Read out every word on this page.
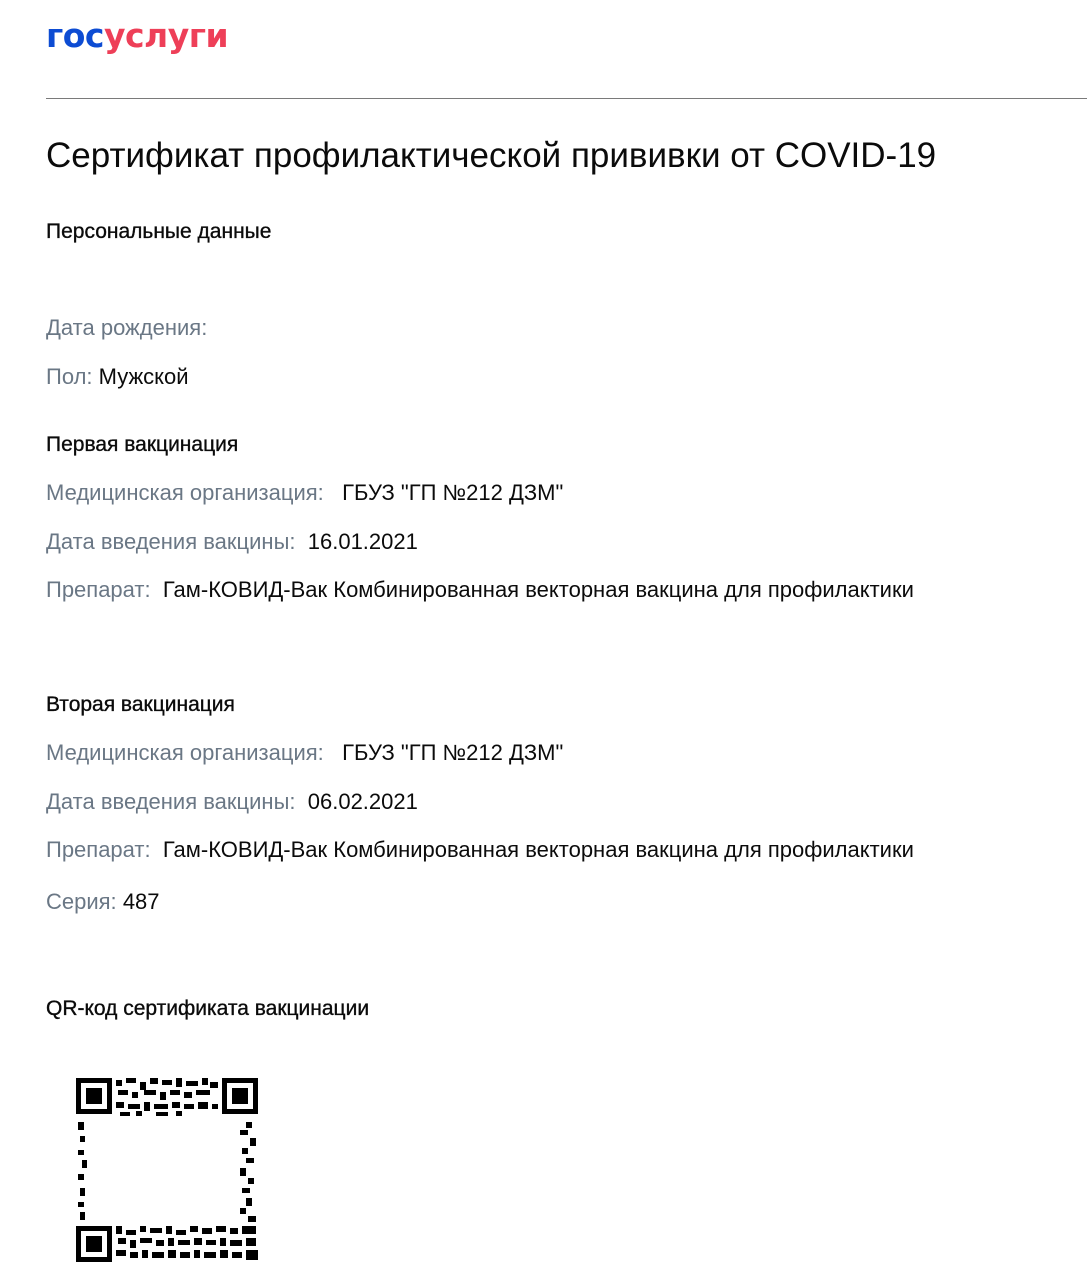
госуслуги
Сертификат профилактической прививки от COVID-19
Персональные данные
Дата рождения:
Пол: Мужской
Первая вакцинация
Медицинская организация: ГБУЗ "ГП №212 ДЗМ"
Дата введения вакцины: 16.01.2021
Препарат: Гам-КОВИД-Вак Комбинированная векторная вакцина для профилактики
Вторая вакцинация
Медицинская организация: ГБУЗ "ГП №212 ДЗМ"
Дата введения вакцины: 06.02.2021
Препарат: Гам-КОВИД-Вак Комбинированная векторная вакцина для профилактики
Серия: 487
QR-код сертификата вакцинации
